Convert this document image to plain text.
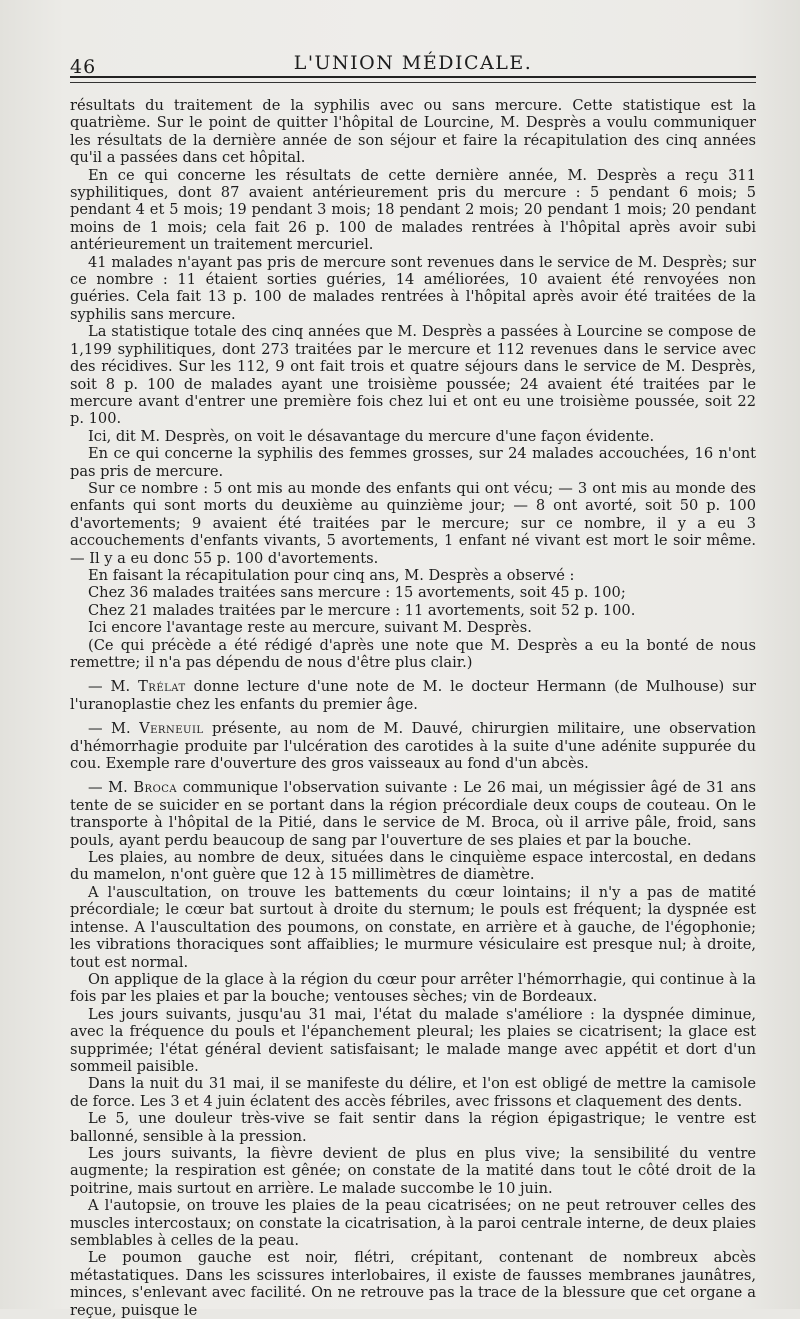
46	L'UNION MÉDICALE.

résultats du traitement de la syphilis avec ou sans mercure. Cette statistique est la quatrième. Sur le point de quitter l'hôpital de Lourcine, M. Desprès a voulu communiquer les résultats de la dernière année de son séjour et faire la récapitulation des cinq années qu'il a passées dans cet hôpital.

En ce qui concerne les résultats de cette dernière année, M. Desprès a reçu 311 syphilitiques, dont 87 avaient antérieurement pris du mercure : 5 pendant 6 mois; 5 pendant 4 et 5 mois; 19 pendant 3 mois; 18 pendant 2 mois; 20 pendant 1 mois; 20 pendant moins de 1 mois; cela fait 26 p. 100 de malades rentrées à l'hôpital après avoir subi antérieurement un traitement mercuriel.

41 malades n'ayant pas pris de mercure sont revenues dans le service de M. Desprès; sur ce nombre : 11 étaient sorties guéries, 14 améliorées, 10 avaient été renvoyées non guéries. Cela fait 13 p. 100 de malades rentrées à l'hôpital après avoir été traitées de la syphilis sans mercure.

La statistique totale des cinq années que M. Desprès a passées à Lourcine se compose de 1,199 syphilitiques, dont 273 traitées par le mercure et 112 revenues dans le service avec des récidives. Sur les 112, 9 ont fait trois et quatre séjours dans le service de M. Desprès, soit 8 p. 100 de malades ayant une troisième poussée; 24 avaient été traitées par le mercure avant d'entrer une première fois chez lui et ont eu une troisième poussée, soit 22 p. 100.

Ici, dit M. Desprès, on voit le désavantage du mercure d'une façon évidente.

En ce qui concerne la syphilis des femmes grosses, sur 24 malades accouchées, 16 n'ont pas pris de mercure.

Sur ce nombre : 5 ont mis au monde des enfants qui ont vécu; — 3 ont mis au monde des enfants qui sont morts du deuxième au quinzième jour; — 8 ont avorté, soit 50 p. 100 d'avortements; 9 avaient été traitées par le mercure; sur ce nombre, il y a eu 3 accouchements d'enfants vivants, 5 avortements, 1 enfant né vivant est mort le soir même. — Il y a eu donc 55 p. 100 d'avortements.

En faisant la récapitulation pour cinq ans, M. Desprès a observé :

Chez 36 malades traitées sans mercure : 15 avortements, soit 45 p. 100;

Chez 21 malades traitées par le mercure : 11 avortements, soit 52 p. 100.

Ici encore l'avantage reste au mercure, suivant M. Desprès.

(Ce qui précède a été rédigé d'après une note que M. Desprès a eu la bonté de nous remettre; il n'a pas dépendu de nous d'être plus clair.)

— M. Trélat donne lecture d'une note de M. le docteur Hermann (de Mulhouse) sur l'uranoplastie chez les enfants du premier âge.

— M. Verneuil présente, au nom de M. Dauvé, chirurgien militaire, une observation d'hémorrhagie produite par l'ulcération des carotides à la suite d'une adénite suppurée du cou. Exemple rare d'ouverture des gros vaisseaux au fond d'un abcès.

— M. Broca communique l'observation suivante : Le 26 mai, un mégissier âgé de 31 ans tente de se suicider en se portant dans la région précordiale deux coups de couteau. On le transporte à l'hôpital de la Pitié, dans le service de M. Broca, où il arrive pâle, froid, sans pouls, ayant perdu beaucoup de sang par l'ouverture de ses plaies et par la bouche.

Les plaies, au nombre de deux, situées dans le cinquième espace intercostal, en dedans du mamelon, n'ont guère que 12 à 15 millimètres de diamètre.

A l'auscultation, on trouve les battements du cœur lointains; il n'y a pas de matité précordiale; le cœur bat surtout à droite du sternum; le pouls est fréquent; la dyspnée est intense. A l'auscultation des poumons, on constate, en arrière et à gauche, de l'égophonie; les vibrations thoraciques sont affaiblies; le murmure vésiculaire est presque nul; à droite, tout est normal.

On applique de la glace à la région du cœur pour arrêter l'hémorrhagie, qui continue à la fois par les plaies et par la bouche; ventouses sèches; vin de Bordeaux.

Les jours suivants, jusqu'au 31 mai, l'état du malade s'améliore : la dyspnée diminue, avec la fréquence du pouls et l'épanchement pleural; les plaies se cicatrisent; la glace est supprimée; l'état général devient satisfaisant; le malade mange avec appétit et dort d'un sommeil paisible.

Dans la nuit du 31 mai, il se manifeste du délire, et l'on est obligé de mettre la camisole de force. Les 3 et 4 juin éclatent des accès fébriles, avec frissons et claquement des dents.

Le 5, une douleur très-vive se fait sentir dans la région épigastrique; le ventre est ballonné, sensible à la pression.

Les jours suivants, la fièvre devient de plus en plus vive; la sensibilité du ventre augmente; la respiration est gênée; on constate de la matité dans tout le côté droit de la poitrine, mais surtout en arrière. Le malade succombe le 10 juin.

A l'autopsie, on trouve les plaies de la peau cicatrisées; on ne peut retrouver celles des muscles intercostaux; on constate la cicatrisation, à la paroi centrale interne, de deux plaies semblables à celles de la peau.

Le poumon gauche est noir, flétri, crépitant, contenant de nombreux abcès métastatiques. Dans les scissures interlobaires, il existe de fausses membranes jaunâtres, minces, s'enlevant avec facilité. On ne retrouve pas la trace de la blessure que cet organe a reçue, puisque le
